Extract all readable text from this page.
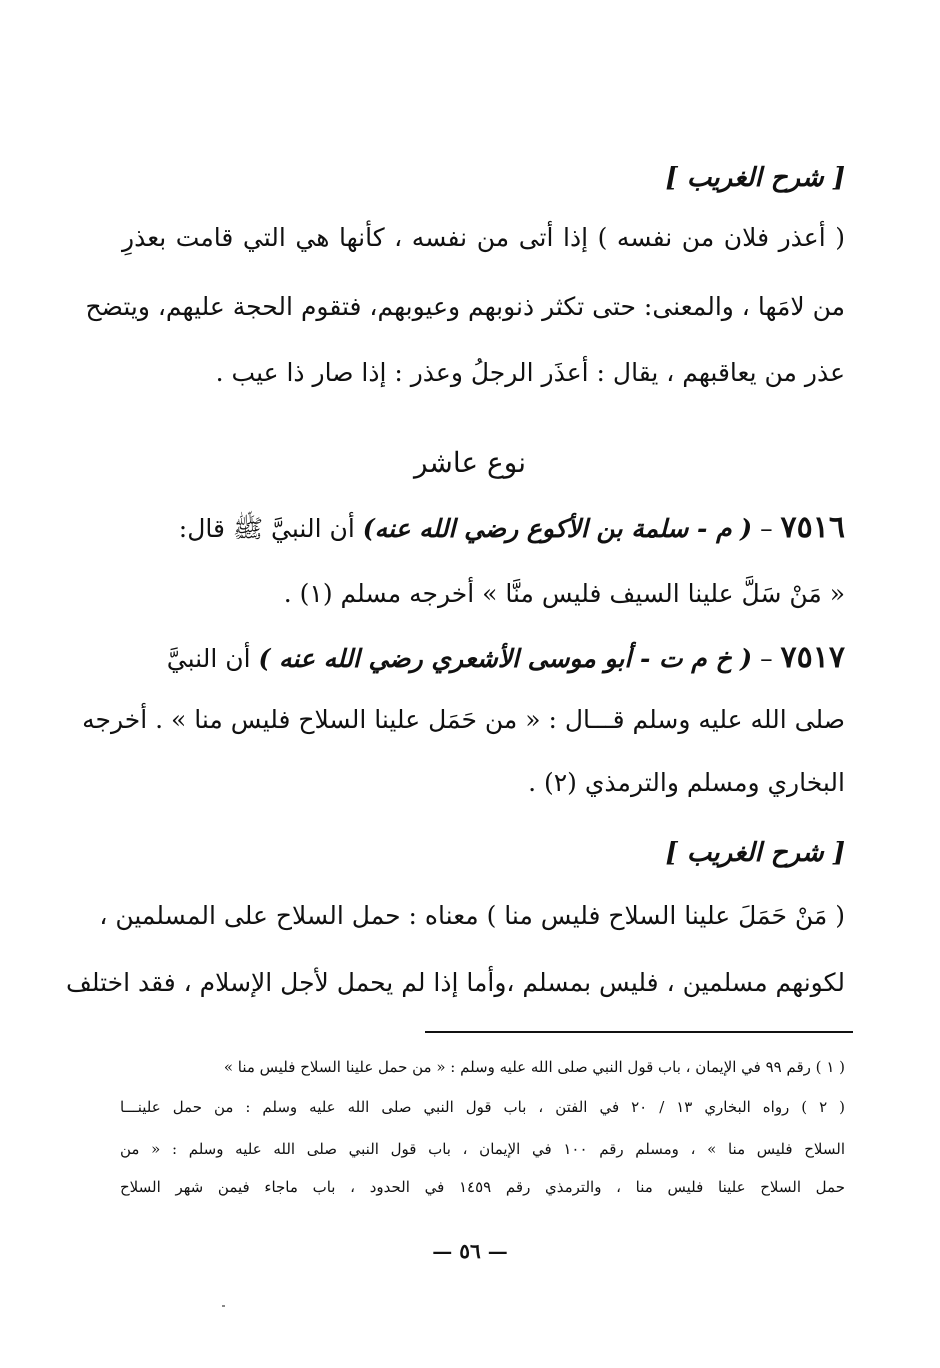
[ شرح الغريب ]
( أعذر فلان من نفسه ) إذا أتى من نفسه ، كأنها هي التي قامت بعذرِ
من لامَها ، والمعنى: حتى تكثر ذنوبهم وعيوبهم، فتقوم الحجة عليهم، ويتضح
عذر من يعاقبهم ، يقال : أعذَر الرجلُ وعذر : إذا صار ذا عيب .
نوع عاشر
٧٥١٦ – ( م - سلمة بن الأكوع رضي الله عنه) أن النبيَّ ﷺ قال:
« مَنْ سَلَّ علينا السيف فليس منَّا » أخرجه مسلم (١) .
٧٥١٧ – ( خ م ت - أبو موسى الأشعري رضي الله عنه ) أن النبيَّ
صلى الله عليه وسلم قـــال : « من حَمَل علينا السلاح فليس منا » . أخرجه
البخاري ومسلم والترمذي (٢) .
[ شرح الغريب ]
( مَنْ حَمَلَ علينا السلاح فليس منا ) معناه : حمل السلاح على المسلمين ،
لكونهم مسلمين ، فليس بمسلم ،وأما إذا لم يحمل لأجل الإسلام ، فقد اختلف
( ١ ) رقم ٩٩ في الإيمان ، باب قول النبي صلى الله عليه وسلم : « من حمل علينا السلاح فليس منا »
( ٢ ) رواه البخاري ١٣ / ٢٠ في الفتن ، باب قول النبي صلى الله عليه وسلم : من حمل علينـــا
السلاح فليس منا » ، ومسلم رقم ١٠٠ في الإيمان ، باب قول النبي صلى الله عليه وسلم : « من
حمل السلاح علينا فليس منا ، والترمذي رقم ١٤٥٩ في الحدود ، باب ماجاء فيمن شهر السلاح
— ٥٦ —
